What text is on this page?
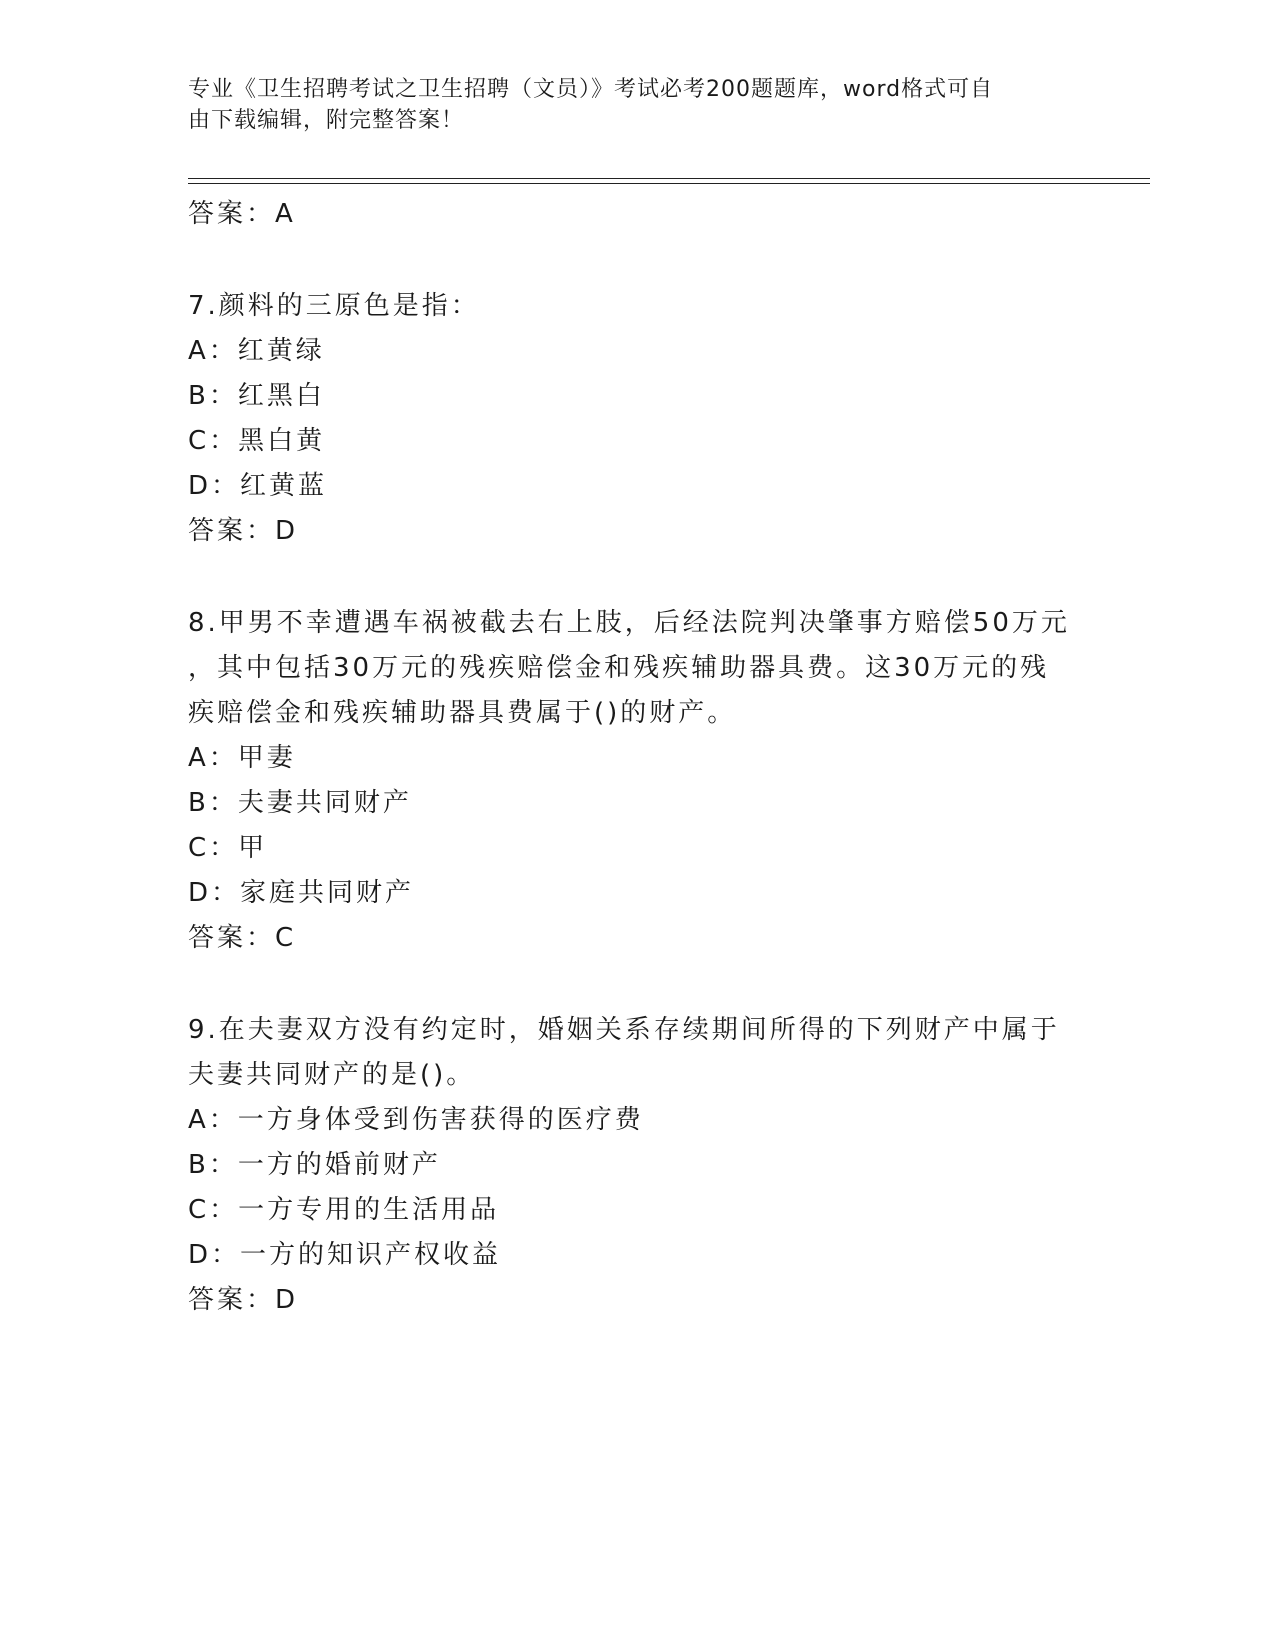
专业《卫生招聘考试之卫生招聘（文员）》考试必考200题题库，word格式可自
由下载编辑，附完整答案！
答案：A
7.颜料的三原色是指：
A：红黄绿
B：红黑白
C：黑白黄
D：红黄蓝
答案：D
8.甲男不幸遭遇车祸被截去右上肢，后经法院判决肇事方赔偿50万元
，其中包括30万元的残疾赔偿金和残疾辅助器具费。这30万元的残
疾赔偿金和残疾辅助器具费属于()的财产。
A：甲妻
B：夫妻共同财产
C：甲
D：家庭共同财产
答案：C
9.在夫妻双方没有约定时，婚姻关系存续期间所得的下列财产中属于
夫妻共同财产的是()。
A：一方身体受到伤害获得的医疗费
B：一方的婚前财产
C：一方专用的生活用品
D：一方的知识产权收益
答案：D
